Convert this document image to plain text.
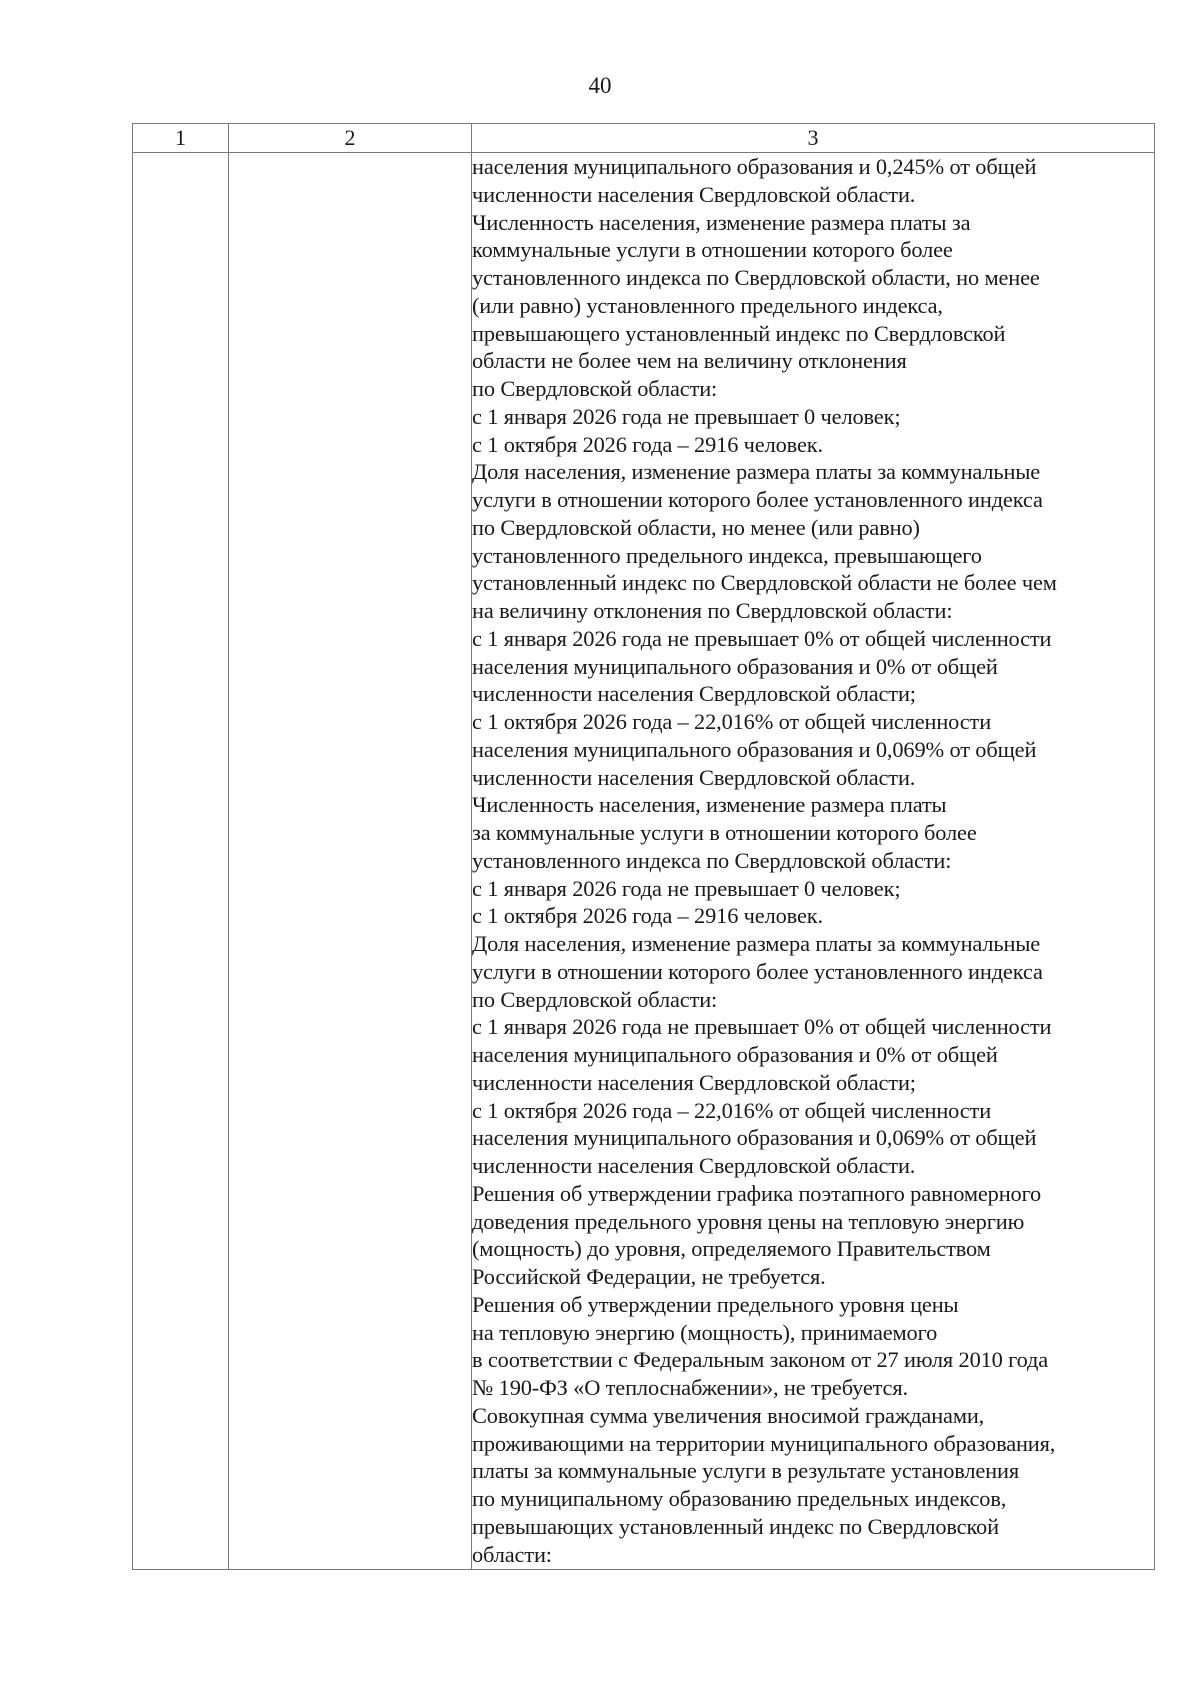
40
1	2	3

населения муниципального образования и 0,245% от общей
численности населения Свердловской области.
Численность населения, изменение размера платы за
коммунальные услуги в отношении которого более
установленного индекса по Свердловской области, но менее
(или равно) установленного предельного индекса,
превышающего установленный индекс по Свердловской
области не более чем на величину отклонения
по Свердловской области:
с 1 января 2026 года не превышает 0 человек;
с 1 октября 2026 года – 2916 человек.
Доля населения, изменение размера платы за коммунальные
услуги в отношении которого более установленного индекса
по Свердловской области, но менее (или равно)
установленного предельного индекса, превышающего
установленный индекс по Свердловской области не более чем
на величину отклонения по Свердловской области:
с 1 января 2026 года не превышает 0% от общей численности
населения муниципального образования и 0% от общей
численности населения Свердловской области;
с 1 октября 2026 года – 22,016% от общей численности
населения муниципального образования и 0,069% от общей
численности населения Свердловской области.
Численность населения, изменение размера платы
за коммунальные услуги в отношении которого более
установленного индекса по Свердловской области:
с 1 января 2026 года не превышает 0 человек;
с 1 октября 2026 года – 2916 человек.
Доля населения, изменение размера платы за коммунальные
услуги в отношении которого более установленного индекса
по Свердловской области:
с 1 января 2026 года не превышает 0% от общей численности
населения муниципального образования и 0% от общей
численности населения Свердловской области;
с 1 октября 2026 года – 22,016% от общей численности
населения муниципального образования и 0,069% от общей
численности населения Свердловской области.
Решения об утверждении графика поэтапного равномерного
доведения предельного уровня цены на тепловую энергию
(мощность) до уровня, определяемого Правительством
Российской Федерации, не требуется.
Решения об утверждении предельного уровня цены
на тепловую энергию (мощность), принимаемого
в соответствии с Федеральным законом от 27 июля 2010 года
№ 190-ФЗ «О теплоснабжении», не требуется.
Совокупная сумма увеличения вносимой гражданами,
проживающими на территории муниципального образования,
платы за коммунальные услуги в результате установления
по муниципальному образованию предельных индексов,
превышающих установленный индекс по Свердловской
области:
